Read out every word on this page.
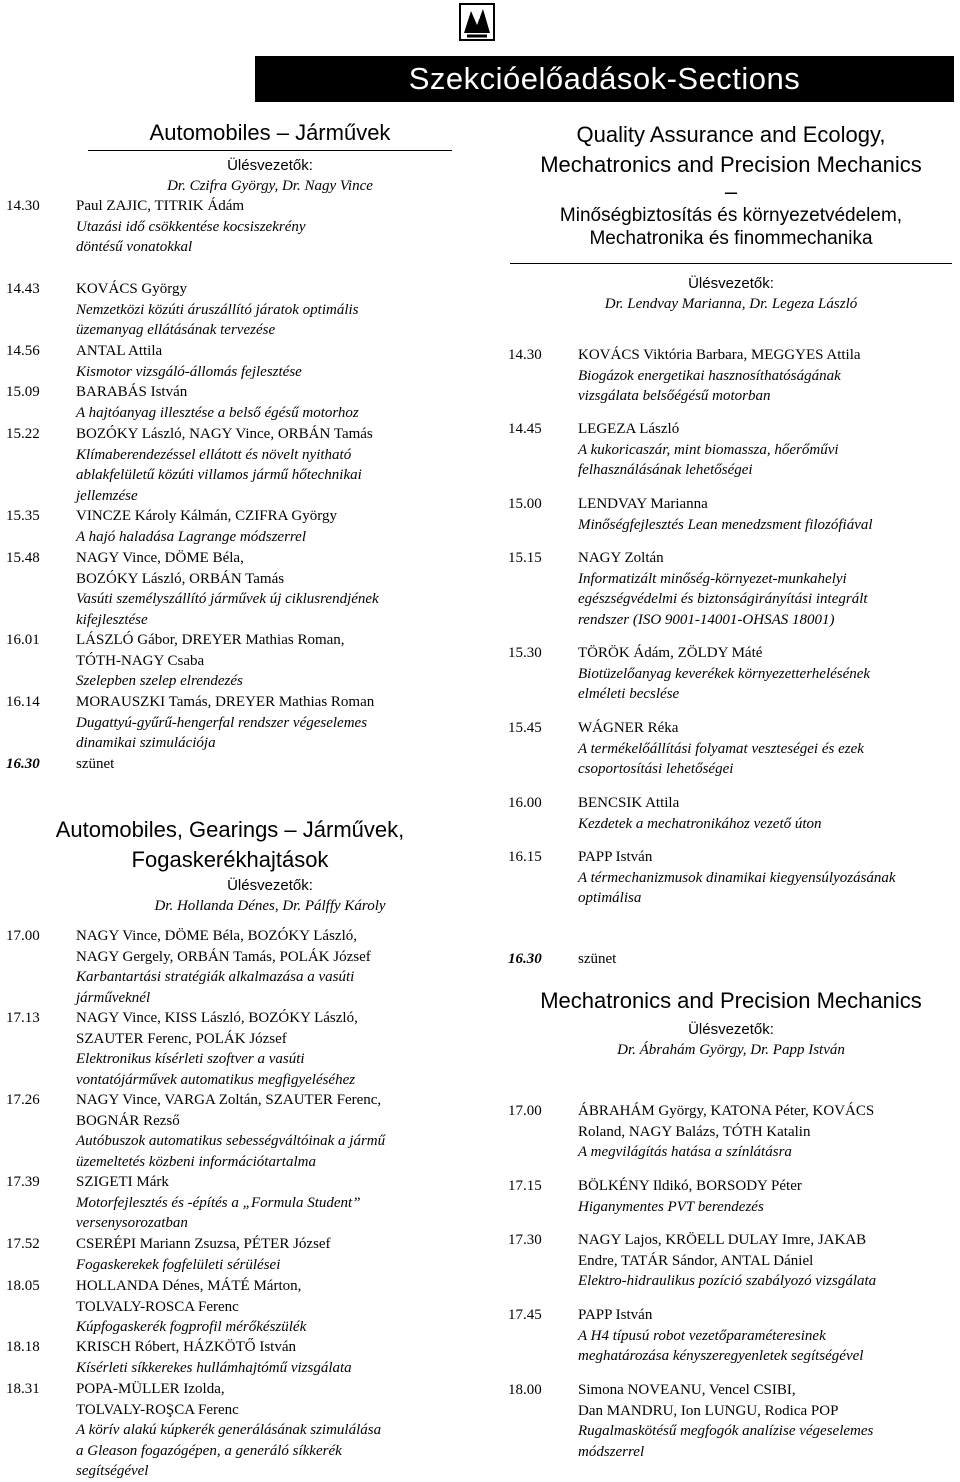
Szekcióelőadások-Sections
Automobiles – Járművek
Ülésvezetők:
Dr. Czifra György, Dr. Nagy Vince
14.30 Paul ZAJIC, TITRIK Ádám
Utazási idő csökkentése kocsiszekrény
döntésű vonatokkal
14.43 KOVÁCS György
Nemzetközi közúti áruszállító járatok optimális
üzemanyag ellátásának tervezése
14.56 ANTAL Attila
Kismotor vizsgáló-állomás fejlesztése
15.09 BARABÁS István
A hajtóanyag illesztése a belső égésű motorhoz
15.22 BOZÓKY László, NAGY Vince, ORBÁN Tamás
Klímaberendezéssel ellátott és növelt nyitható
ablakfelületű közúti villamos jármű hőtechnikai
jellemzése
15.35 VINCZE Károly Kálmán, CZIFRA György
A hajó haladása Lagrange módszerrel
15.48 NAGY Vince, DÖME Béla,
BOZÓKY László, ORBÁN Tamás
Vasúti személyszállító járművek új ciklusrendjének
kifejlesztése
16.01 LÁSZLÓ Gábor, DREYER Mathias Roman,
TÓTH-NAGY Csaba
Szelepben szelep elrendezés
16.14 MORAUSZKI Tamás, DREYER Mathias Roman
Dugattyú-gyűrű-hengerfal rendszer végeselemes
dinamikai szimulációja
16.30 szünet
Automobiles, Gearings – Járművek,
Fogaskerékhajtások
Ülésvezetők:
Dr. Hollanda Dénes, Dr. Pálffy Károly
17.00 NAGY Vince, DÖME Béla, BOZÓKY László,
NAGY Gergely, ORBÁN Tamás, POLÁK József
Karbantartási stratégiák alkalmazása a vasúti
járműveknél
17.13 NAGY Vince, KISS László, BOZÓKY László,
SZAUTER Ferenc, POLÁK József
Elektronikus kísérleti szoftver a vasúti
vontatójárművek automatikus megfigyeléséhez
17.26 NAGY Vince, VARGA Zoltán, SZAUTER Ferenc,
BOGNÁR Rezső
Autóbuszok automatikus sebességváltóinak a jármű
üzemeltetés közbeni információtartalma
17.39 SZIGETI Márk
Motorfejlesztés és -építés a „Formula Student”
versenysorozatban
17.52 CSERÉPI Mariann Zsuzsa, PÉTER József
Fogaskerekek fogfelületi sérülései
18.05 HOLLANDA Dénes, MÁTÉ Márton,
TOLVALY-ROSCA Ferenc
Kúpfogaskerék fogprofil mérőkészülék
18.18 KRISCH Róbert, HÁZKÖTŐ István
Kísérleti síkkerekes hullámhajtómű vizsgálata
18.31 POPA-MÜLLER Izolda,
TOLVALY-ROŞCA Ferenc
A körív alakú kúpkerék generálásának szimulálása
a Gleason fogazógépen, a generáló síkkerék
segítségével
Quality Assurance and Ecology,
Mechatronics and Precision Mechanics
–
Minőségbiztosítás és környezetvédelem,
Mechatronika és finommechanika
Ülésvezetők:
Dr. Lendvay Marianna, Dr. Legeza László
14.30 KOVÁCS Viktória Barbara, MEGGYES Attila
Biogázok energetikai hasznosíthatóságának
vizsgálata belsőégésű motorban
14.45 LEGEZA László
A kukoricaszár, mint biomassza, hőerőművi
felhasználásának lehetőségei
15.00 LENDVAY Marianna
Minőségfejlesztés Lean menedzsment filozófiával
15.15 NAGY Zoltán
Informatizált minőség-környezet-munkahelyi
egészségvédelmi és biztonságirányítási integrált
rendszer (ISO 9001-14001-OHSAS 18001)
15.30 TÖRÖK Ádám, ZÖLDY Máté
Biotüzelőanyag keverékek környezetterhelésének
elméleti becslése
15.45 WÁGNER Réka
A termékelőállítási folyamat veszteségei és ezek
csoportosítási lehetőségei
16.00 BENCSIK Attila
Kezdetek a mechatronikához vezető úton
16.15 PAPP István
A térmechanizmusok dinamikai kiegyensúlyozásának
optimálisa
16.30 szünet
Mechatronics and Precision Mechanics
Ülésvezetők:
Dr. Ábrahám György, Dr. Papp István
17.00 ÁBRAHÁM György, KATONA Péter, KOVÁCS
Roland, NAGY Balázs, TÓTH Katalin
A megvilágítás hatása a színlátásra
17.15 BÖLKÉNY Ildikó, BORSODY Péter
Higanymentes PVT berendezés
17.30 NAGY Lajos, KRÖELL DULAY Imre, JAKAB
Endre, TATÁR Sándor, ANTAL Dániel
Elektro-hidraulikus pozíció szabályozó vizsgálata
17.45 PAPP István
A H4 típusú robot vezetőparaméteresinek
meghatározása kényszeregyenletek segítségével
18.00 Simona NOVEANU, Vencel CSIBI,
Dan MANDRU, Ion LUNGU, Rodica POP
Rugalmaskötésű megfogók analízise végeselemes
módszerrel
